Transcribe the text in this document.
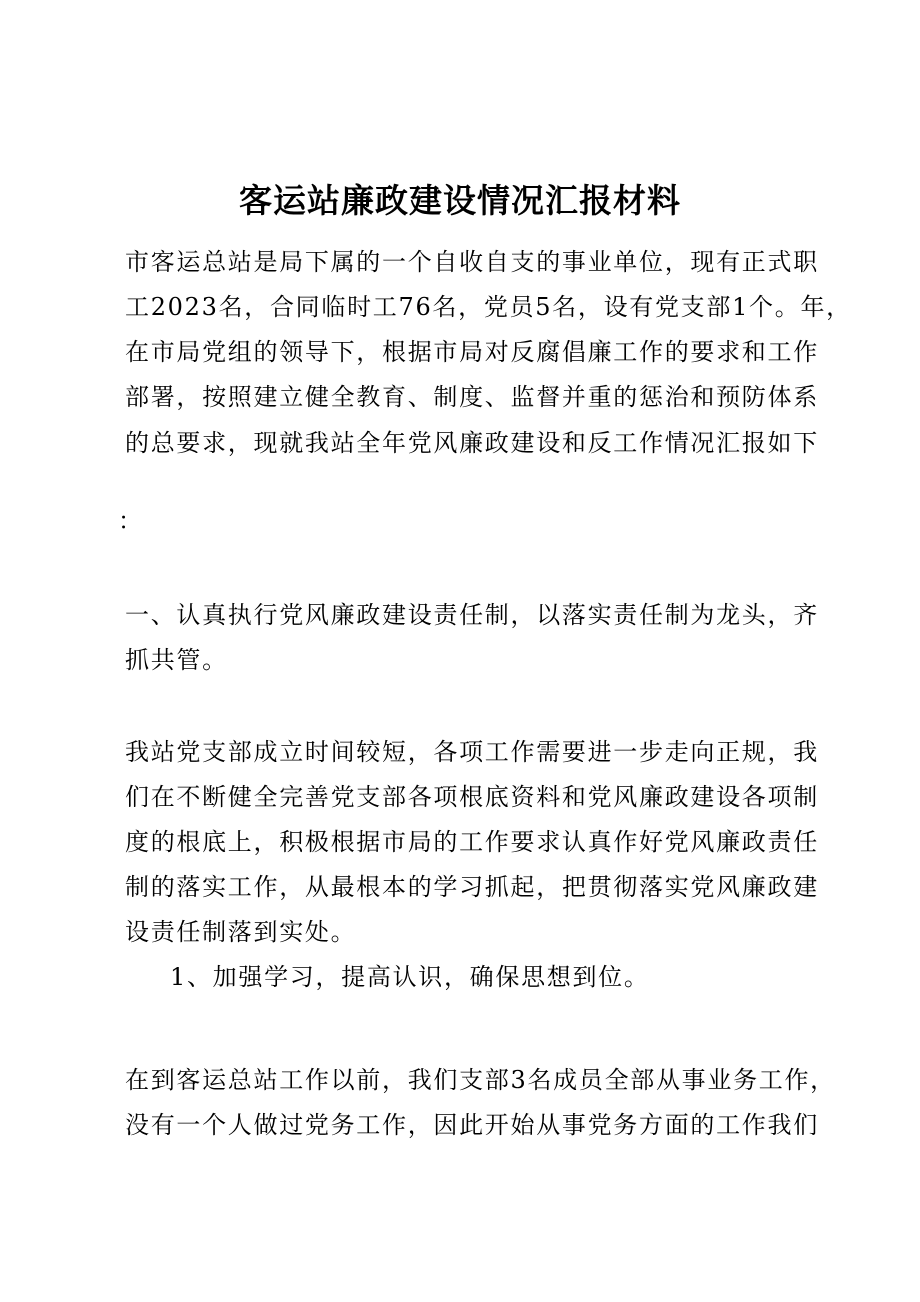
客运站廉政建设情况汇报材料
市客运总站是局下属的一个自收自支的事业单位，现有正式职
工2023名，合同临时工76名，党员5名，设有党支部1个。年，
在市局党组的领导下，根据市局对反腐倡廉工作的要求和工作
部署，按照建立健全教育、制度、监督并重的惩治和预防体系
的总要求，现就我站全年党风廉政建设和反工作情况汇报如下
：
一、认真执行党风廉政建设责任制，以落实责任制为龙头，齐
抓共管。
我站党支部成立时间较短，各项工作需要进一步走向正规，我
们在不断健全完善党支部各项根底资料和党风廉政建设各项制
度的根底上，积极根据市局的工作要求认真作好党风廉政责任
制的落实工作，从最根本的学习抓起，把贯彻落实党风廉政建
设责任制落到实处。
1、加强学习，提高认识，确保思想到位。
在到客运总站工作以前，我们支部3名成员全部从事业务工作，
没有一个人做过党务工作，因此开始从事党务方面的工作我们
